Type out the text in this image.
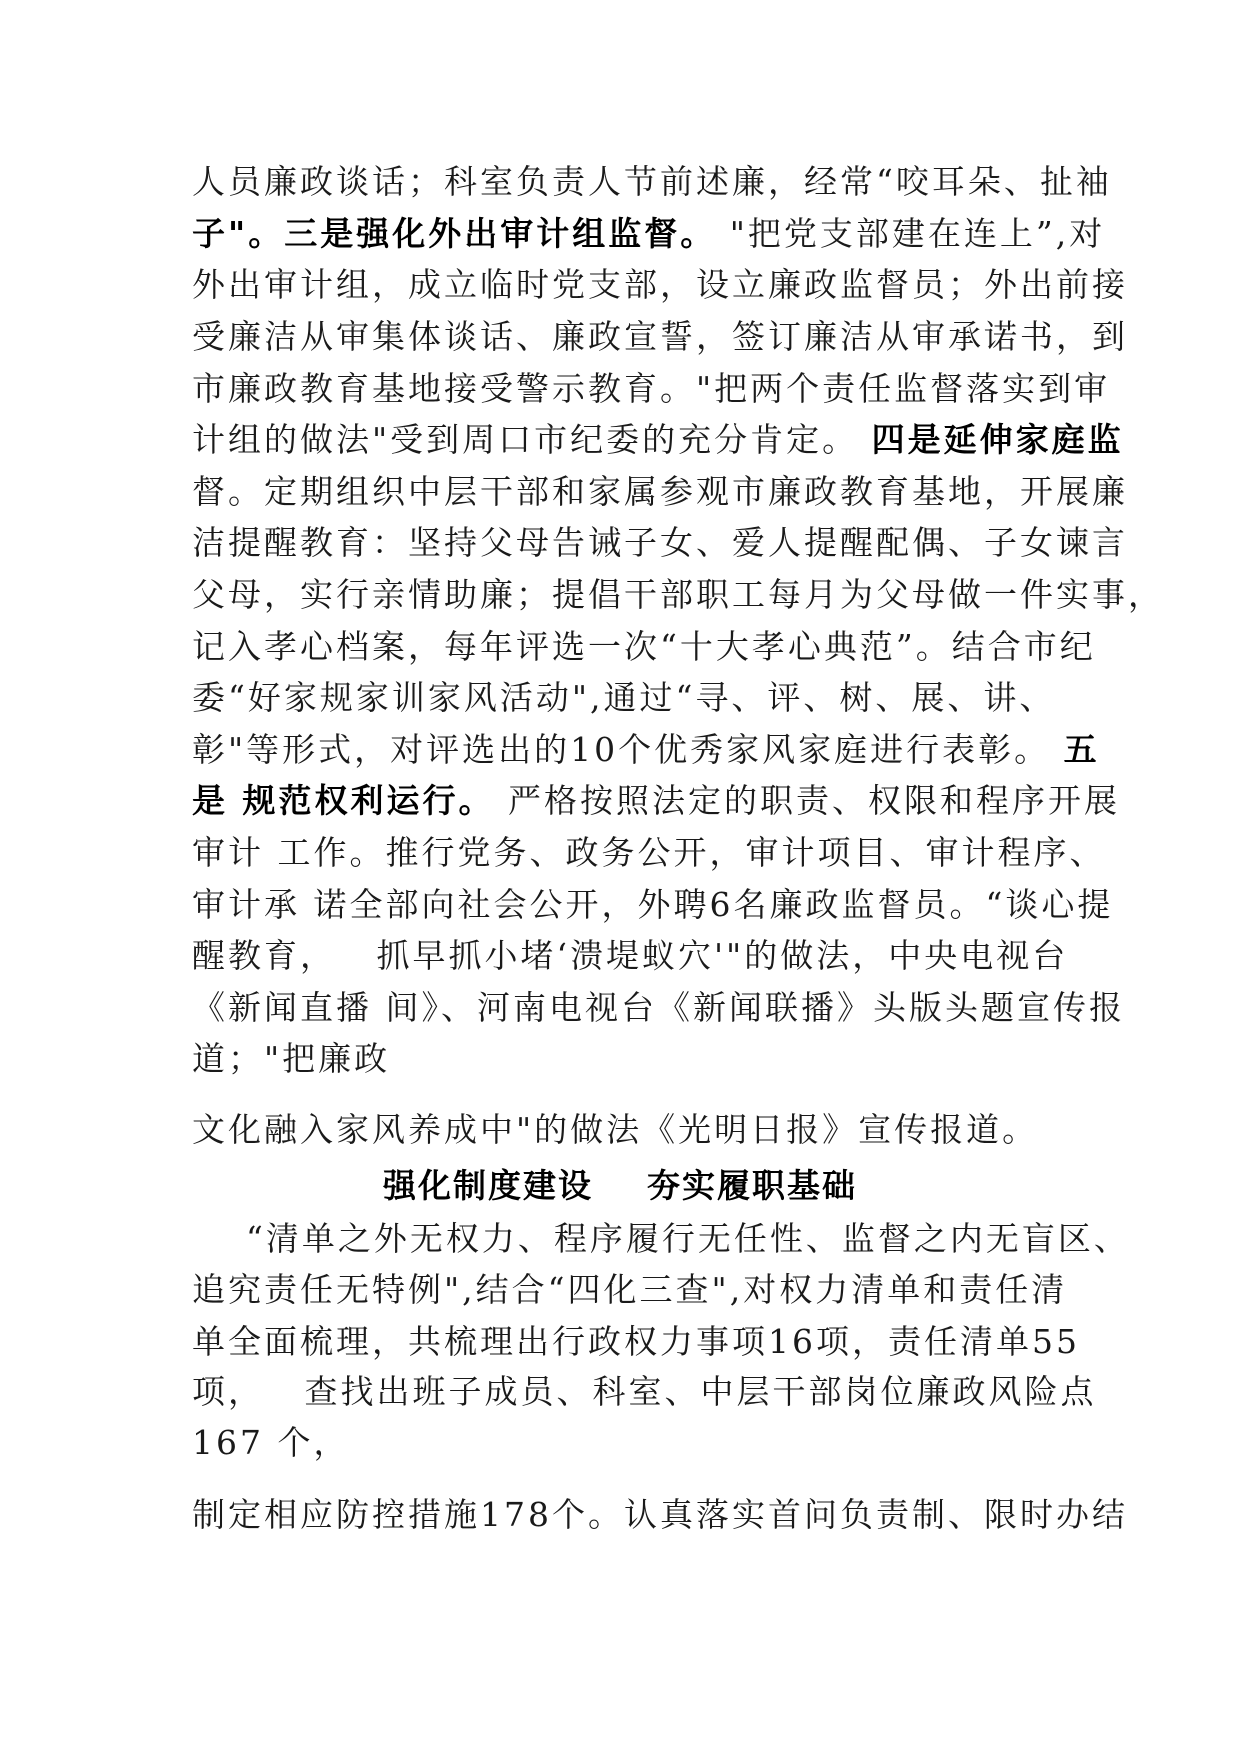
人员廉政谈话；科室负责人节前述廉，经常“咬耳朵、扯袖
子"。三是强化外出审计组监督。 "把党支部建在连上”,对
外出审计组，成立临时党支部，设立廉政监督员；外出前接
受廉洁从审集体谈话、廉政宣誓，签订廉洁从审承诺书，到
市廉政教育基地接受警示教育。"把两个责任监督落实到审
计组的做法"受到周口市纪委的充分肯定。 四是延伸家庭监
督。定期组织中层干部和家属参观市廉政教育基地，开展廉
洁提醒教育：坚持父母告诫子女、爱人提醒配偶、子女谏言
父母，实行亲情助廉；提倡干部职工每月为父母做一件实事，
记入孝心档案，每年评选一次“十大孝心典范”。结合市纪
委“好家规家训家风活动",通过“寻、评、树、展、讲、
彰"等形式，对评选出的10个优秀家风家庭进行表彰。 五
是 规范权利运行。 严格按照法定的职责、权限和程序开展
审计 工作。推行党务、政务公开，审计项目、审计程序、
审计承 诺全部向社会公开，外聘6名廉政监督员。“谈心提
醒教育，   抓早抓小堵‘溃堤蚁穴'"的做法，中央电视台
《新闻直播 间》、河南电视台《新闻联播》头版头题宣传报
道；"把廉政
文化融入家风养成中"的做法《光明日报》宣传报道。
强化制度建设    夯实履职基础
“清单之外无权力、程序履行无任性、监督之内无盲区、
追究责任无特例",结合“四化三查",对权力清单和责任清
单全面梳理，共梳理出行政权力事项16项，责任清单55
项，   查找出班子成员、科室、中层干部岗位廉政风险点
167 个，
制定相应防控措施178个。认真落实首问负责制、限时办结
